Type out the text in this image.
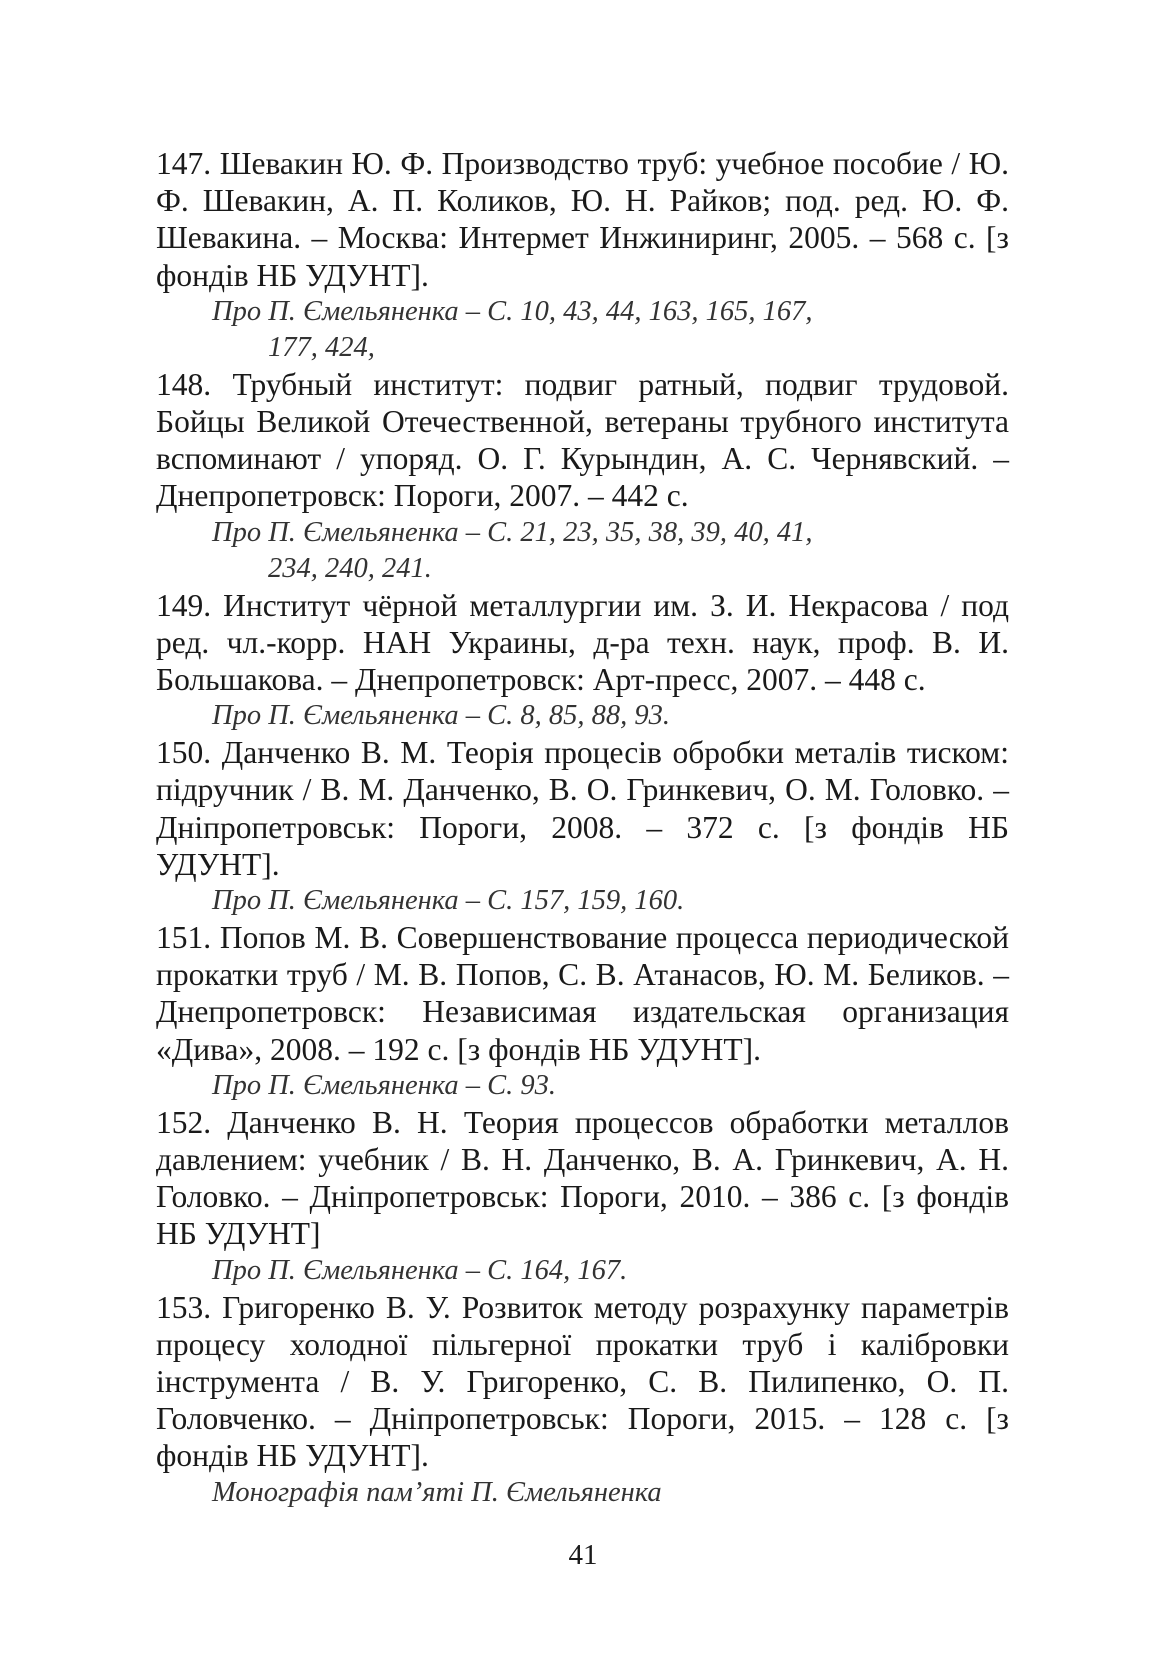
147. Шевакин Ю. Ф. Производство труб: учебное пособие / Ю. Ф. Шевакин, А. П. Коликов, Ю. Н. Райков; под. ред. Ю. Ф. Шевакина. – Москва: Интермет Инжиниринг, 2005. – 568 с. [з фондів НБ УДУНТ].

Про П. Ємельяненка – С. 10, 43, 44, 163, 165, 167,
177, 424,

148. Трубный институт: подвиг ратный, подвиг трудовой. Бойцы Великой Отечественной, ветераны трубного института вспоминают / упоряд. О. Г. Курындин, А. С. Чернявский. – Днепропетровск: Пороги, 2007. – 442 с.

Про П. Ємельяненка – С. 21, 23, 35, 38, 39, 40, 41,
234, 240, 241.

149. Институт чёрной металлургии им. З. И. Некрасова / под ред. чл.-корр. НАН Украины, д-ра техн. наук, проф. В. И. Большакова. – Днепропетровск: Арт-пресс, 2007. – 448 с.

Про П. Ємельяненка – С. 8, 85, 88, 93.

150. Данченко В. М. Теорія процесів обробки металів тиском: підручник / В. М. Данченко, В. О. Гринкевич, О. М. Головко. – Дніпропетровськ: Пороги, 2008. – 372 с. [з фондів НБ УДУНТ].

Про П. Ємельяненка – С. 157, 159, 160.

151. Попов М. В. Совершенствование процесса периодической прокатки труб / М. В. Попов, С. В. Атанасов, Ю. М. Беликов. – Днепропетровск: Независимая издательская организация «Дива», 2008. – 192 с. [з фондів НБ УДУНТ].

Про П. Ємельяненка – С. 93.

152. Данченко В. Н. Теория процессов обработки металлов давлением: учебник / В. Н. Данченко, В. А. Гринкевич, А. Н. Головко. – Дніпропетровськ: Пороги, 2010. – 386 с. [з фондів НБ УДУНТ]

Про П. Ємельяненка – С. 164, 167.

153. Григоренко В. У. Розвиток методу розрахунку параметрів процесу холодної пільгерної прокатки труб і калібровки інструмента / В. У. Григоренко, С. В. Пилипенко, О. П. Головченко. – Дніпропетровськ: Пороги, 2015. – 128 с. [з фондів НБ УДУНТ].

Монографія пам’яті П. Ємельяненка

41
